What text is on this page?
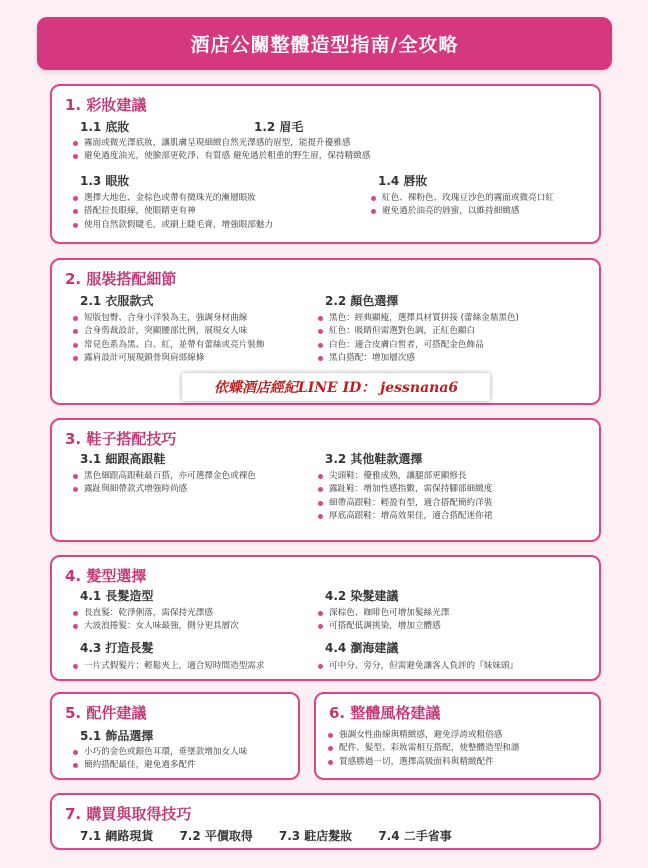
酒店公關整體造型指南/全攻略
1. 彩妝建議
1.1 底妝	1.2 眉毛
霧面或微光澤底妝，讓肌膚呈現細緻自然光澤感的眉型，能提升優雅感
避免過度油光，使臉部更乾淨、有質感 避免過於粗重的野生眉，保持精緻感
1.3 眼妝
選擇大地色、金棕色或帶有微珠光的漸層眼妝
搭配拉長眼線，使眼睛更有神
使用自然款假睫毛，或刷上睫毛膏，增強眼部魅力
1.4 唇妝
紅色、裸粉色、玫瑰豆沙色的霧面或微亮口紅
避免過於油亮的唇蜜，以維持細緻感
2. 服裝搭配細節
2.1 衣服款式
短版包臀、合身小洋裝為主，強調身材曲線
合身剪裁設計，突顯腰部比例，展現女人味
常見色系為黑、白、紅，並帶有蕾絲或亮片裝飾
露肩設計可展現鎖骨與肩部線條
2.2 顏色選擇
黑色：經典顯瘦，選擇具材質拼接 (蕾絲金鼎黑色)
紅色：吸睛但需選對色調，正紅色顯白
白色：適合皮膚白皙者，可搭配金色飾品
黑白搭配：增加層次感
依蝶酒店經紀LINE ID： jessnana6
3. 鞋子搭配技巧
3.1 細跟高跟鞋
黑色細跟高跟鞋最百搭，亦可選擇金色或裸色
露趾與細帶款式增強時尚感
3.2 其他鞋款選擇
尖頭鞋：優雅成熟，讓腿部更顯修長
露趾鞋：增加性感指數，需保持腳部細緻度
細帶高跟鞋：輕盈有型，適合搭配簡約洋裝
厚底高跟鞋：增高效果佳，適合搭配迷你裙
4. 髮型選擇
4.1 長髮造型
長直髮：乾淨俐落，需保持光澤感
大波浪捲髮：女人味最強，側分更具層次
4.2 染髮建議
深棕色、咖啡色可增加髮絲光澤
可搭配低調挑染，增加立體感
4.3 打造長髮
一片式假髮片：輕鬆夾上，適合短時間造型需求
4.4 瀏海建議
可中分、旁分，但需避免讓客人負評的『妹妹頭』
5. 配件建議
5.1 飾品選擇
小巧的金色或銀色耳環，垂墜款增加女人味
簡約搭配最佳，避免過多配件
6. 整體風格建議
強調女性曲線與精緻感，避免浮誇或粗俗感
配件、髮型、彩妝需相互搭配，使整體造型和諧
質感勝過一切，選擇高級面料與精緻配件
7. 購買與取得技巧
7.1 網路現貨 7.2 平價取得 7.3 駐店髮妝 7.4 二手省事
